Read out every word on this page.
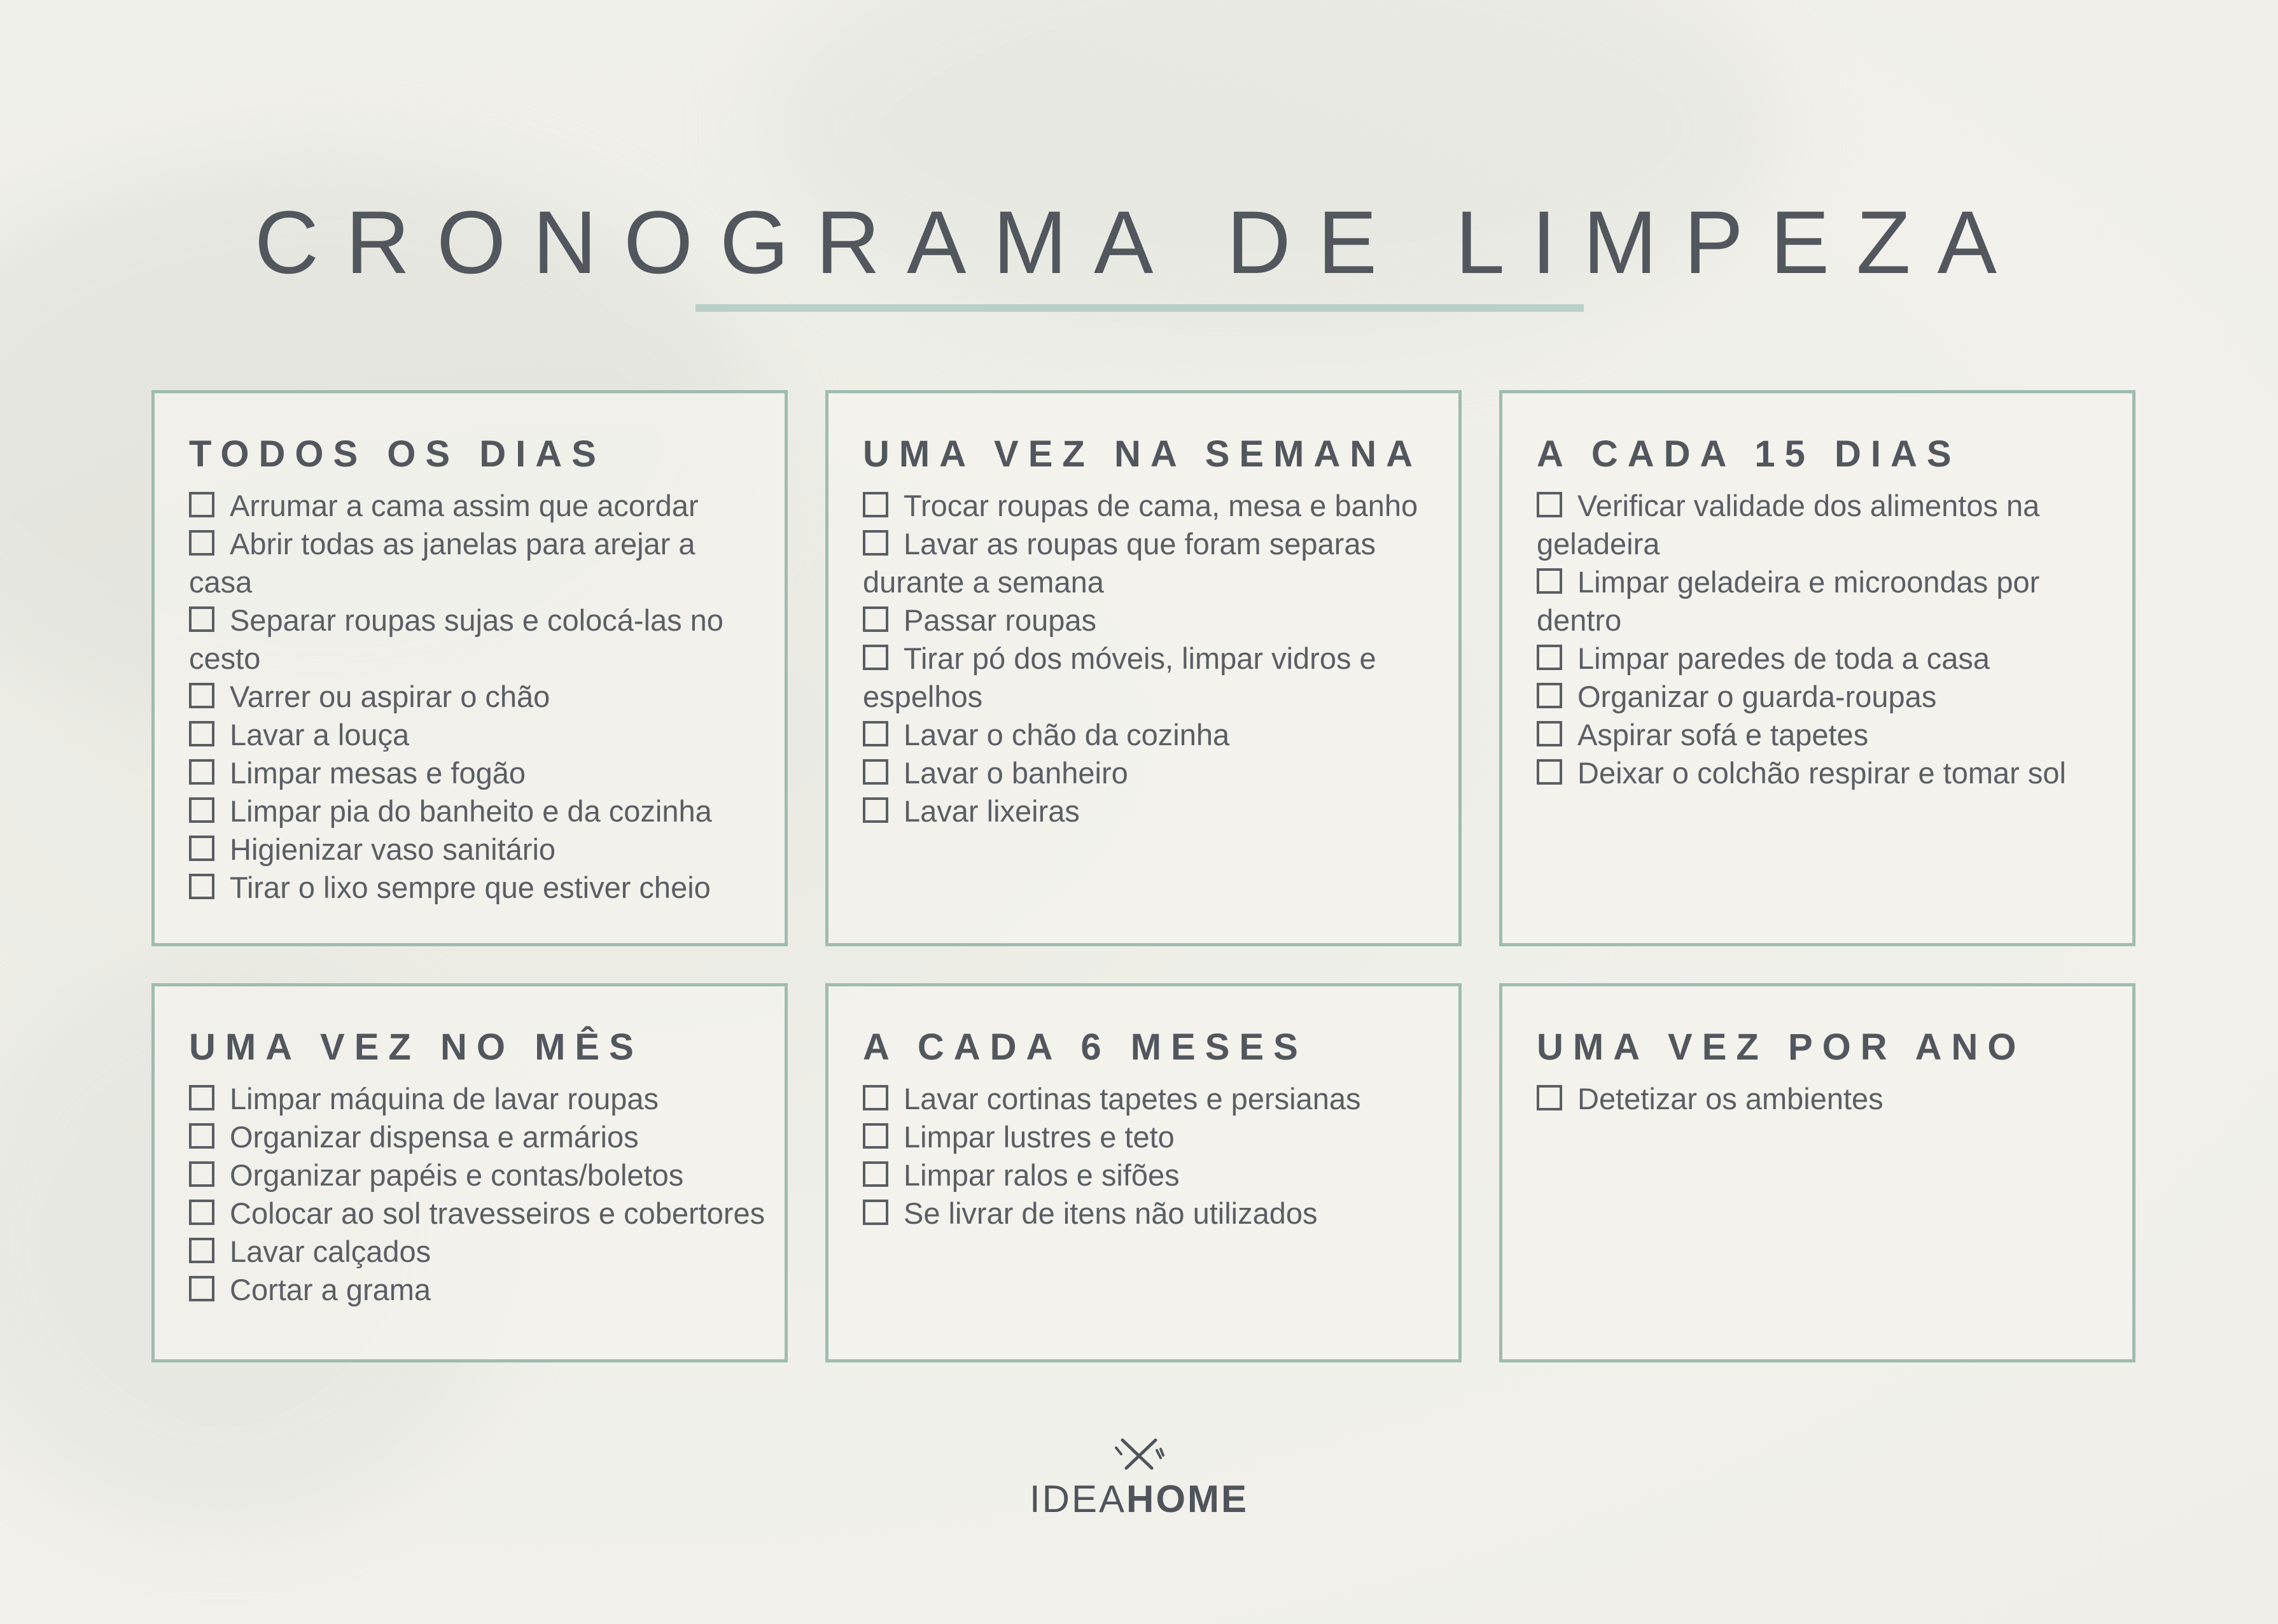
CRONOGRAMA DE LIMPEZA
TODOS OS DIAS

Arrumar a cama assim que acordar

Abrir todas as janelas para arejar a casa

Separar roupas sujas e colocá-las no cesto

Varrer ou aspirar o chão

Lavar a louça

Limpar mesas e fogão

Limpar pia do banheito e da cozinha

Higienizar vaso sanitário

Tirar o lixo sempre que estiver cheio

UMA VEZ NA SEMANA

Trocar roupas de cama, mesa e banho

Lavar as roupas que foram separas durante a semana

Passar roupas

Tirar pó dos móveis, limpar vidros e espelhos

Lavar o chão da cozinha

Lavar o banheiro

Lavar lixeiras

A CADA 15 DIAS

Verificar validade dos alimentos na geladeira

Limpar geladeira e microondas por dentro

Limpar paredes de toda a casa

Organizar o guarda-roupas

Aspirar sofá e tapetes

Deixar o colchão respirar e tomar sol

UMA VEZ NO MÊS

Limpar máquina de lavar roupas

Organizar dispensa e armários

Organizar papéis e contas/boletos

Colocar ao sol travesseiros e cobertores

Lavar calçados

Cortar a grama

A CADA 6 MESES

Lavar cortinas tapetes e persianas

Limpar lustres e teto

Limpar ralos e sifões

Se livrar de itens não utilizados

UMA VEZ POR ANO

Detetizar os ambientes

IDEAHOME
